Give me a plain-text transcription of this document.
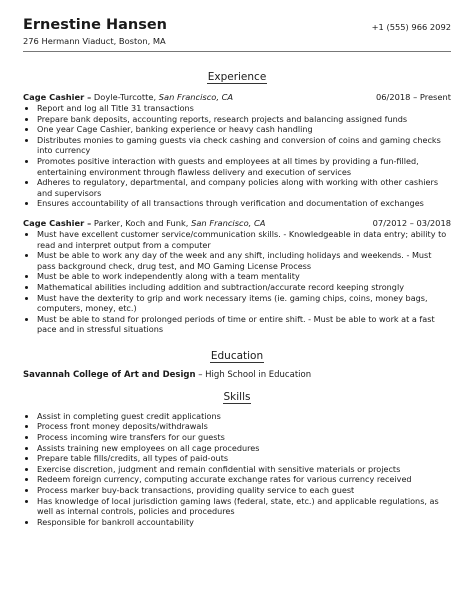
Ernestine Hansen	+1 (555) 966 2092
276 Hermann Viaduct, Boston, MA
Experience
Cage Cashier – Doyle-Turcotte, San Francisco, CA	06/2018 – Present
• Report and log all Title 31 transactions
• Prepare bank deposits, accounting reports, research projects and balancing assigned funds
• One year Cage Cashier, banking experience or heavy cash handling
• Distributes monies to gaming guests via check cashing and conversion of coins and gaming checks into currency
• Promotes positive interaction with guests and employees at all times by providing a fun-filled, entertaining environment through flawless delivery and execution of services
• Adheres to regulatory, departmental, and company policies along with working with other cashiers and supervisors
• Ensures accountability of all transactions through verification and documentation of exchanges
Cage Cashier – Parker, Koch and Funk, San Francisco, CA	07/2012 – 03/2018
• Must have excellent customer service/communication skills. - Knowledgeable in data entry; ability to read and interpret output from a computer
• Must be able to work any day of the week and any shift, including holidays and weekends. - Must pass background check, drug test, and MO Gaming License Process
• Must be able to work independently along with a team mentality
• Mathematical abilities including addition and subtraction/accurate record keeping strongly
• Must have the dexterity to grip and work necessary items (ie. gaming chips, coins, money bags, computers, money, etc.)
• Must be able to stand for prolonged periods of time or entire shift. - Must be able to work at a fast pace and in stressful situations
Education
Savannah College of Art and Design – High School in Education
Skills
• Assist in completing guest credit applications
• Process front money deposits/withdrawals
• Process incoming wire transfers for our guests
• Assists training new employees on all cage procedures
• Prepare table fills/credits, all types of paid-outs
• Exercise discretion, judgment and remain confidential with sensitive materials or projects
• Redeem foreign currency, computing accurate exchange rates for various currency received
• Process marker buy-back transactions, providing quality service to each guest
• Has knowledge of local jurisdiction gaming laws (federal, state, etc.) and applicable regulations, as well as internal controls, policies and procedures
• Responsible for bankroll accountability
